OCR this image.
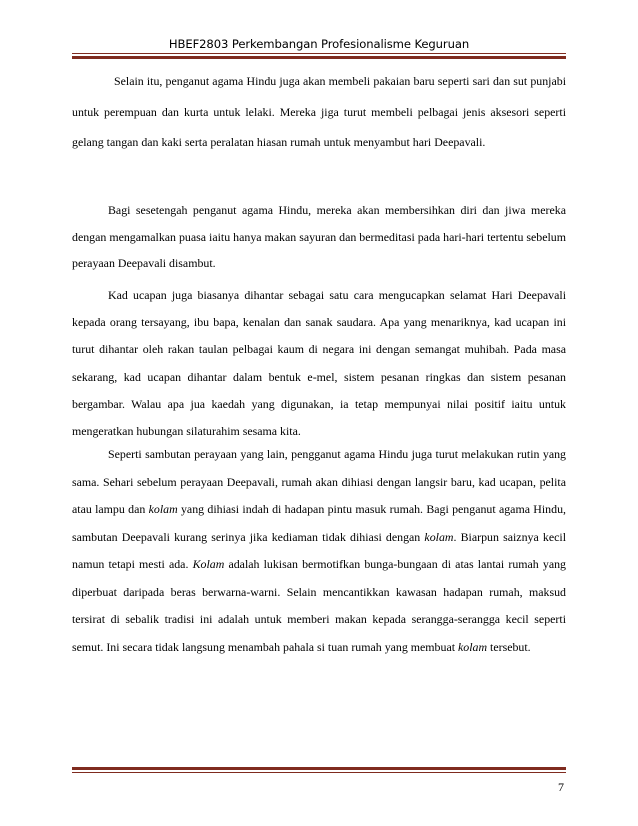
HBEF2803 Perkembangan Profesionalisme Keguruan

Selain itu, penganut agama Hindu juga akan membeli pakaian baru seperti sari dan sut punjabi untuk perempuan dan kurta untuk lelaki. Mereka jiga turut membeli pelbagai jenis aksesori seperti gelang tangan dan kaki serta peralatan hiasan rumah untuk menyambut hari Deepavali.

Bagi sesetengah penganut agama Hindu, mereka akan membersihkan diri dan jiwa mereka dengan mengamalkan puasa iaitu hanya makan sayuran dan bermeditasi pada hari-hari tertentu sebelum perayaan Deepavali disambut.

Kad ucapan juga biasanya dihantar sebagai satu cara mengucapkan selamat Hari Deepavali kepada orang tersayang, ibu bapa, kenalan dan sanak saudara. Apa yang menariknya, kad ucapan ini turut dihantar oleh rakan taulan pelbagai kaum di negara ini dengan semangat muhibah. Pada masa sekarang, kad ucapan dihantar dalam bentuk e-mel, sistem pesanan ringkas dan sistem pesanan bergambar. Walau apa jua kaedah yang digunakan, ia tetap mempunyai nilai positif iaitu untuk mengeratkan hubungan silaturahim sesama kita.

Seperti sambutan perayaan yang lain, pengganut agama Hindu juga turut melakukan rutin yang sama. Sehari sebelum perayaan Deepavali, rumah akan dihiasi dengan langsir baru, kad ucapan, pelita atau lampu dan kolam yang dihiasi indah di hadapan pintu masuk rumah. Bagi penganut agama Hindu, sambutan Deepavali kurang serinya jika kediaman tidak dihiasi dengan kolam. Biarpun saiznya kecil namun tetapi mesti ada. Kolam adalah lukisan bermotifkan bunga-bungaan di atas lantai rumah yang diperbuat daripada beras berwarna-warni. Selain mencantikkan kawasan hadapan rumah, maksud tersirat di sebalik tradisi ini adalah untuk memberi makan kepada serangga-serangga kecil seperti semut. Ini secara tidak langsung menambah pahala si tuan rumah yang membuat kolam tersebut.

7
